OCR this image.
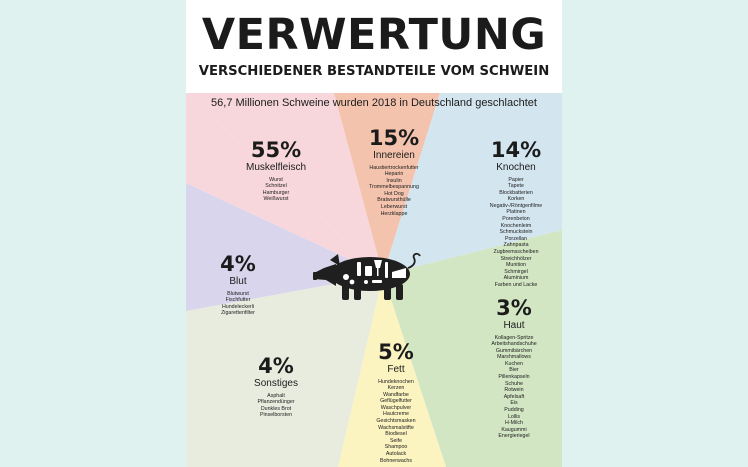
VERWERTUNG
VERSCHIEDENER BESTANDTEILE VOM SCHWEIN
56,7 Millionen Schweine wurden 2018 in Deutschland geschlachtet
55%
Muskelfleisch
Wurst
Schnitzel
Hamburger
Weißwurst
15%
Innereien
Haustiertrockenfutter
Heparin
Insulin
Trommelbespannung
Hot Dog
Bratwursthülle
Leberwurst
Herzklappe
14%
Knochen
Papier
Tapete
Blockbatterien
Korken
Negativ-/Röntgenfilme
Platinen
Porenbeton
Knochenleim
Schmuckstein
Porzellan
Zahnpasta
Zugbremsscheiben
Streichhölzer
Munition
Schmirgel
Aluminium
Farben und Lacke
4%
Blut
Blutwurst
Fischfutter
Hundeleckerli
Zigarettenfilter	3%
Haut
Kollagen-Spritze
Arbeitshandschuhe
Gummibärchen
Marshmallows
Kuchen
Bier
Pillenkapseln
Schuhe
Rotwein
Apfelsaft
Eis
Pudding
Lollis
H-Milch
Kaugummi
Energieriegel
5%
Fett
Hundeknochen
Kerzen
Wandfarbe
Geflügelfutter
Waschpulver
Hautcreme
Gesichtsmasken
Wachsmalstifte
Biodiesel
Seife
Shampoo
Autolack
Bohnerwachs
4%
Sonstiges
Asphalt
Pflanzendünger
Dunkles Brot
Pinselborsten
